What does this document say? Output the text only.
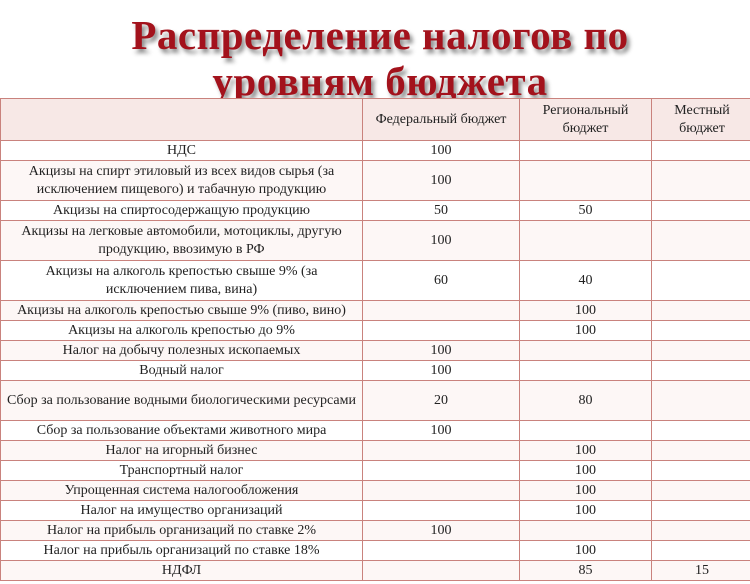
Распределение налогов по
уровням бюджета
	Федеральный бюджет	Региональный бюджет	Местный бюджет
НДС	100		
Акцизы на спирт этиловый из всех видов сырья (за исключением пищевого) и табачную продукцию	100		
Акцизы на спиртосодержащую продукцию	50	50	
Акцизы на легковые автомобили, мотоциклы, другую продукцию, ввозимую в РФ	100		
Акцизы на алкоголь крепостью свыше 9% (за исключением пива, вина)	60	40	
Акцизы на алкоголь крепостью свыше 9% (пиво, вино)		100	
Акцизы на алкоголь крепостью до 9%		100	
Налог на добычу полезных ископаемых	100		
Водный налог	100		
Сбор за пользование водными биологическими ресурсами	20	80	
Сбор за пользование объектами животного мира	100		
Налог на игорный бизнес		100	
Транспортный налог		100	
Упрощенная система налогообложения		100	
Налог на имущество организаций		100	
Налог на прибыль организаций по ставке 2%	100		
Налог на прибыль организаций по ставке 18%		100	
НДФЛ		85	15
